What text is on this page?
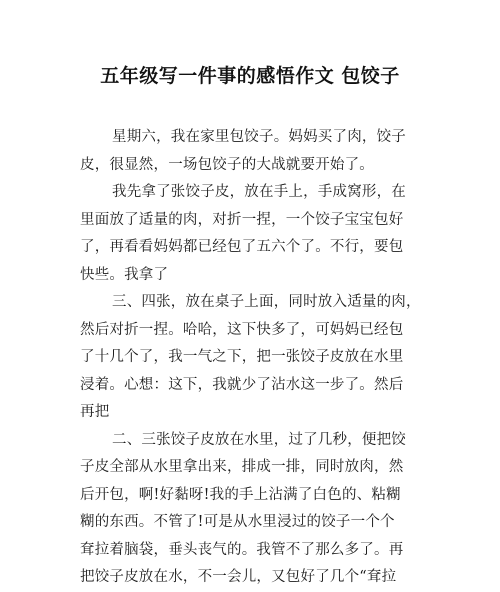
五年级写一件事的感悟作文 包饺子
星期六，我在家里包饺子。妈妈买了肉，饺子
皮，很显然，一场包饺子的大战就要开始了。
我先拿了张饺子皮，放在手上，手成窝形，在
里面放了适量的肉，对折一捏，一个饺子宝宝包好
了，再看看妈妈都已经包了五六个了。不行，要包
快些。我拿了
三、四张，放在桌子上面，同时放入适量的肉，
然后对折一捏。哈哈，这下快多了，可妈妈已经包
了十几个了，我一气之下，把一张饺子皮放在水里
浸着。心想：这下，我就少了沾水这一步了。然后
再把
二、三张饺子皮放在水里，过了几秒，便把饺
子皮全部从水里拿出来，排成一排，同时放肉，然
后开包，啊!好黏呀!我的手上沾满了白色的、粘糊
糊的东西。不管了!可是从水里浸过的饺子一个个
耷拉着脑袋，垂头丧气的。我管不了那么多了。再
把饺子皮放在水，不一会儿，又包好了几个“耷拉
